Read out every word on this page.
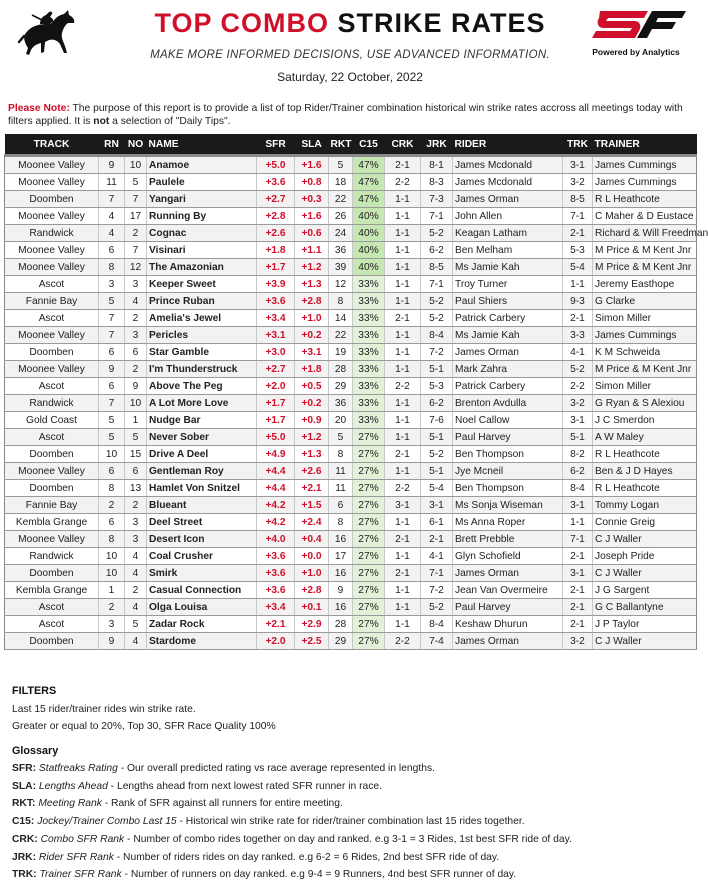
TOP COMBO STRIKE RATES
MAKE MORE INFORMED DECISIONS, USE ADVANCED INFORMATION.
Saturday, 22 October, 2022
SF
Powered by Analytics
Please Note: The purpose of this report is to provide a list of top Rider/Trainer combination historical win strike rates accross all meetings today with filters applied. It is not a selection of "Daily Tips".
TRACK	RN	NO	NAME	SFR	SLA	RKT	C15	CRK	JRK	RIDER	TRK	TRAINER
Moonee Valley	9	10	Anamoe	+5.0	+1.6	5	47%	2-1	8-1	James Mcdonald	3-1	James Cummings
Moonee Valley	11	5	Paulele	+3.6	+0.8	18	47%	2-2	8-3	James Mcdonald	3-2	James Cummings
Doomben	7	7	Yangari	+2.7	+0.3	22	47%	1-1	7-3	James Orman	8-5	R L Heathcote
Moonee Valley	4	17	Running By	+2.8	+1.6	26	40%	1-1	7-1	John Allen	7-1	C Maher & D Eustace
Randwick	4	2	Cognac	+2.6	+0.6	24	40%	1-1	5-2	Keagan Latham	2-1	Richard & Will Freedman
Moonee Valley	6	7	Visinari	+1.8	+1.1	36	40%	1-1	6-2	Ben Melham	5-3	M Price & M Kent Jnr
Moonee Valley	8	12	The Amazonian	+1.7	+1.2	39	40%	1-1	8-5	Ms Jamie Kah	5-4	M Price & M Kent Jnr
Ascot	3	3	Keeper Sweet	+3.9	+1.3	12	33%	1-1	7-1	Troy Turner	1-1	Jeremy Easthope
Fannie Bay	5	4	Prince Ruban	+3.6	+2.8	8	33%	1-1	5-2	Paul Shiers	9-3	G Clarke
Ascot	7	2	Amelia's Jewel	+3.4	+1.0	14	33%	2-1	5-2	Patrick Carbery	2-1	Simon Miller
Moonee Valley	7	3	Pericles	+3.1	+0.2	22	33%	1-1	8-4	Ms Jamie Kah	3-3	James Cummings
Doomben	6	6	Star Gamble	+3.0	+3.1	19	33%	1-1	7-2	James Orman	4-1	K M Schweida
Moonee Valley	9	2	I'm Thunderstruck	+2.7	+1.8	28	33%	1-1	5-1	Mark Zahra	5-2	M Price & M Kent Jnr
Ascot	6	9	Above The Peg	+2.0	+0.5	29	33%	2-2	5-3	Patrick Carbery	2-2	Simon Miller
Randwick	7	10	A Lot More Love	+1.7	+0.2	36	33%	1-1	6-2	Brenton Avdulla	3-2	G Ryan & S Alexiou
Gold Coast	5	1	Nudge Bar	+1.7	+0.9	20	33%	1-1	7-6	Noel Callow	3-1	J C Smerdon
Ascot	5	5	Never Sober	+5.0	+1.2	5	27%	1-1	5-1	Paul Harvey	5-1	A W Maley
Doomben	10	15	Drive A Deel	+4.9	+1.3	8	27%	2-1	5-2	Ben Thompson	8-2	R L Heathcote
Moonee Valley	6	6	Gentleman Roy	+4.4	+2.6	11	27%	1-1	5-1	Jye Mcneil	6-2	Ben & J D Hayes
Doomben	8	13	Hamlet Von Snitzel	+4.4	+2.1	11	27%	2-2	5-4	Ben Thompson	8-4	R L Heathcote
Fannie Bay	2	2	Blueant	+4.2	+1.5	6	27%	3-1	3-1	Ms Sonja Wiseman	3-1	Tommy Logan
Kembla Grange	6	3	Deel Street	+4.2	+2.4	8	27%	1-1	6-1	Ms Anna Roper	1-1	Connie Greig
Moonee Valley	8	3	Desert Icon	+4.0	+0.4	16	27%	2-1	2-1	Brett Prebble	7-1	C J Waller
Randwick	10	4	Coal Crusher	+3.6	+0.0	17	27%	1-1	4-1	Glyn Schofield	2-1	Joseph Pride
Doomben	10	4	Smirk	+3.6	+1.0	16	27%	2-1	7-1	James Orman	3-1	C J Waller
Kembla Grange	1	2	Casual Connection	+3.6	+2.8	9	27%	1-1	7-2	Jean Van Overmeire	2-1	J G Sargent
Ascot	2	4	Olga Louisa	+3.4	+0.1	16	27%	1-1	5-2	Paul Harvey	2-1	G C Ballantyne
Ascot	3	5	Zadar Rock	+2.1	+2.9	28	27%	1-1	8-4	Keshaw Dhurun	2-1	J P Taylor
Doomben	9	4	Stardome	+2.0	+2.5	29	27%	2-2	7-4	James Orman	3-2	C J Waller
FILTERS

Last 15 rider/trainer rides win strike rate.

Greater or equal to 20%, Top 30, SFR Race Quality 100%

Glossary

SFR: Statfreaks Rating - Our overall predicted rating vs race average represented in lengths.

SLA: Lengths Ahead - Lengths ahead from next lowest rated SFR runner in race.

RKT: Meeting Rank - Rank of SFR against all runners for entire meeting.

C15: Jockey/Trainer Combo Last 15 - Historical win strike rate for rider/trainer combination last 15 rides together.

CRK: Combo SFR Rank - Number of combo rides together on day and ranked. e.g 3-1 = 3 Rides, 1st best SFR ride of day.

JRK: Rider SFR Rank - Number of riders rides on day ranked. e.g 6-2 = 6 Rides, 2nd best SFR ride of day.

TRK: Trainer SFR Rank - Number of runners on day ranked. e.g 9-4 = 9 Runners, 4nd best SFR runner of day.
